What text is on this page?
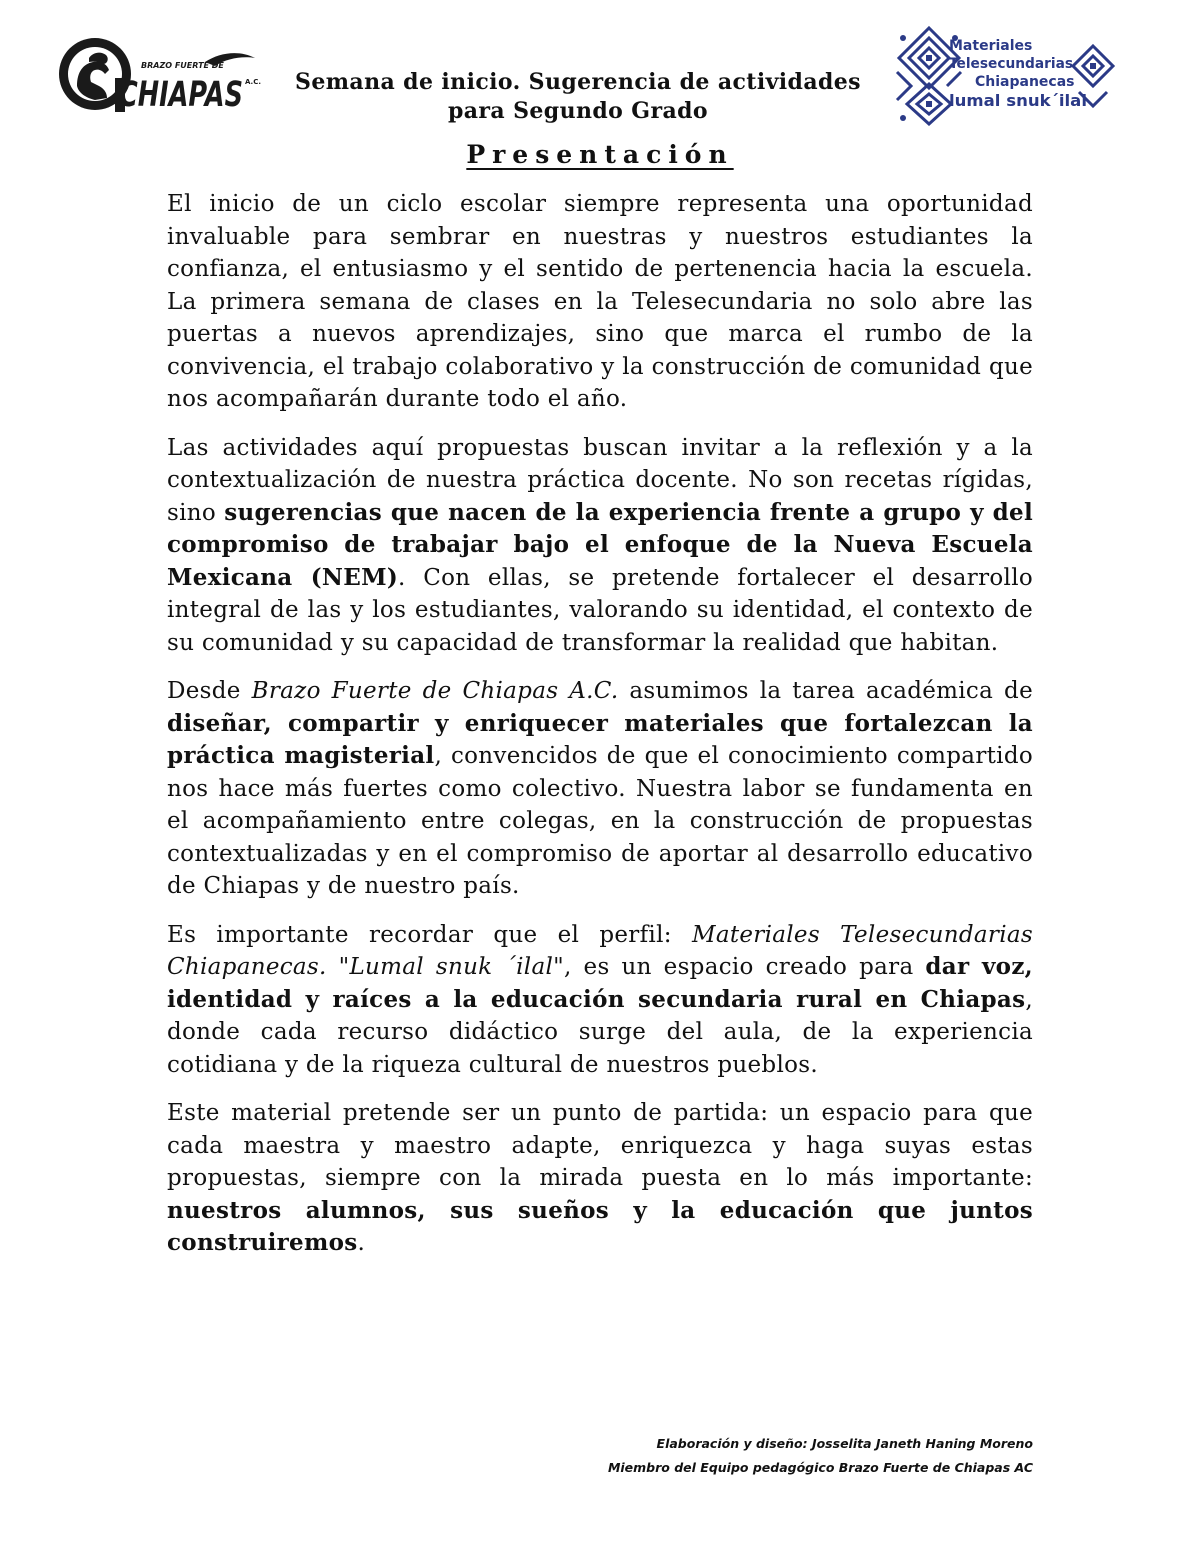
BRAZO FUERTE DE
CHIAPAS A.C.	Semana de inicio. Sugerencia de actividades
para Segundo Grado
Materiales
Telesecundarias
Chiapanecas
lumal snuk´ilal
Presentación

El inicio de un ciclo escolar siempre representa una oportunidad invaluable para sembrar en nuestras y nuestros estudiantes la confianza, el entusiasmo y el sentido de pertenencia hacia la escuela. La primera semana de clases en la Telesecundaria no solo abre las puertas a nuevos aprendizajes, sino que marca el rumbo de la convivencia, el trabajo colaborativo y la construcción de comunidad que nos acompañarán durante todo el año.

Las actividades aquí propuestas buscan invitar a la reflexión y a la contextualización de nuestra práctica docente. No son recetas rígidas, sino sugerencias que nacen de la experiencia frente a grupo y del compromiso de trabajar bajo el enfoque de la Nueva Escuela Mexicana (NEM). Con ellas, se pretende fortalecer el desarrollo integral de las y los estudiantes, valorando su identidad, el contexto de su comunidad y su capacidad de transformar la realidad que habitan.

Desde Brazo Fuerte de Chiapas A.C. asumimos la tarea académica de diseñar, compartir y enriquecer materiales que fortalezcan la práctica magisterial, convencidos de que el conocimiento compartido nos hace más fuertes como colectivo. Nuestra labor se fundamenta en el acompañamiento entre colegas, en la construcción de propuestas contextualizadas y en el compromiso de aportar al desarrollo educativo de Chiapas y de nuestro país.

Es importante recordar que el perfil: Materiales Telesecundarias Chiapanecas. "Lumal snuk ´ilal", es un espacio creado para dar voz, identidad y raíces a la educación secundaria rural en Chiapas, donde cada recurso didáctico surge del aula, de la experiencia cotidiana y de la riqueza cultural de nuestros pueblos.

Este material pretende ser un punto de partida: un espacio para que cada maestra y maestro adapte, enriquezca y haga suyas estas propuestas, siempre con la mirada puesta en lo más importante: nuestros alumnos, sus sueños y la educación que juntos construiremos.

Elaboración y diseño: Josselita Janeth Haning Moreno
Miembro del Equipo pedagógico Brazo Fuerte de Chiapas AC
